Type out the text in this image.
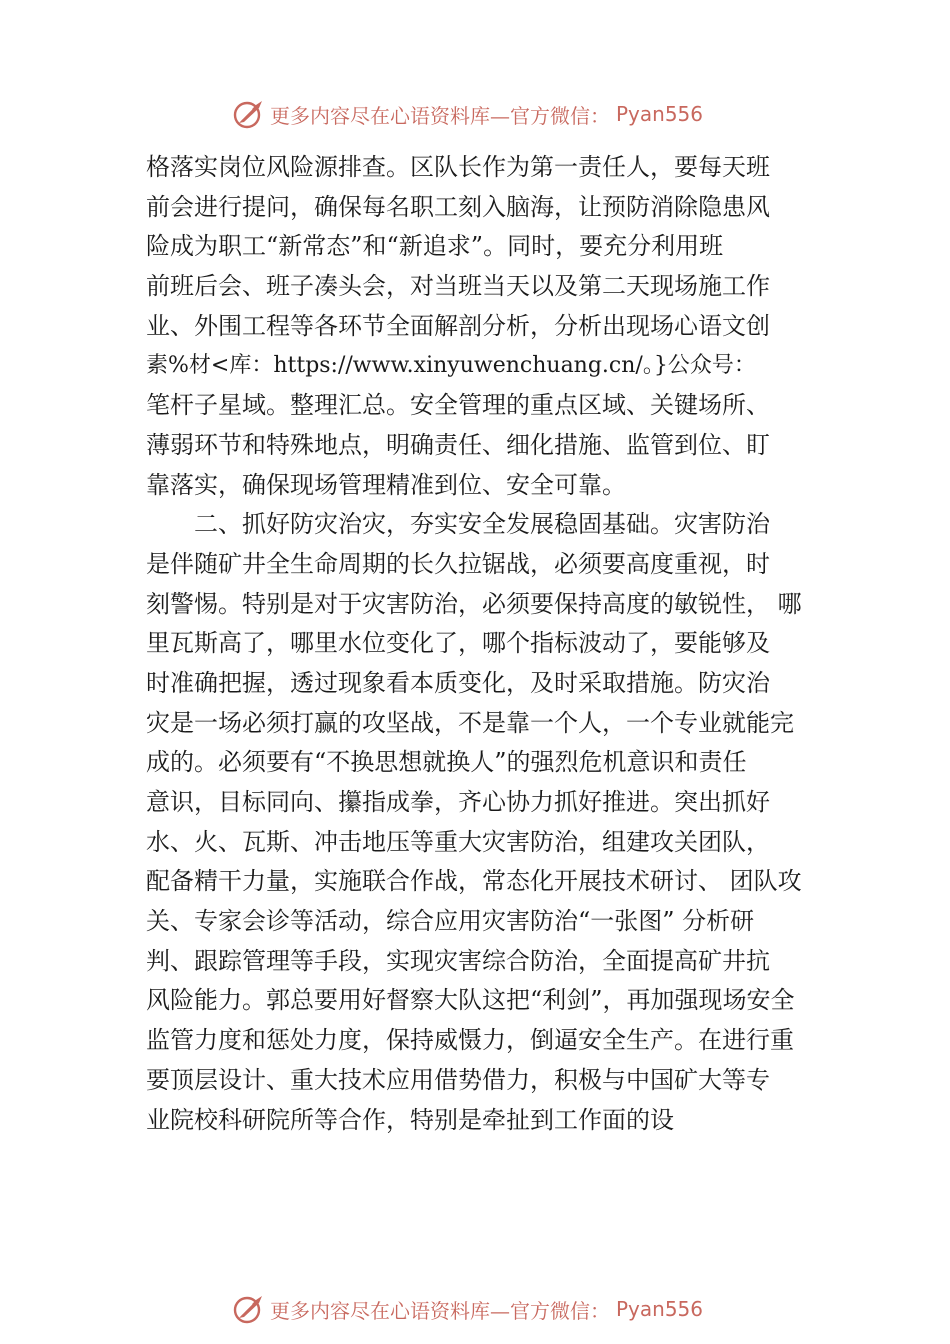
更多内容尽在心语资料库—官方微信： Pyan556
格落实岗位风险源排查。区队长作为第一责任人，要每天班
前会进行提问，确保每名职工刻入脑海，让预防消除隐患风
险成为职工“新常态”和“新追求”。同时，要充分利用班
前班后会、班子凑头会，对当班当天以及第二天现场施工作
业、外围工程等各环节全面解剖分析，分析出现场心语文创
素%材<库：https://www.xinyuwenchuang.cn/。}公众号：
笔杆子星域。整理汇总。安全管理的重点区域、关键场所、
薄弱环节和特殊地点，明确责任、细化措施、监管到位、盯
靠落实，确保现场管理精准到位、安全可靠。
二、抓好防灾治灾，夯实安全发展稳固基础。灾害防治
是伴随矿井全生命周期的长久拉锯战，必须要高度重视，时
刻警惕。特别是对于灾害防治，必须要保持高度的敏锐性， 哪
里瓦斯高了，哪里水位变化了，哪个指标波动了，要能够及
时准确把握，透过现象看本质变化，及时采取措施。防灾治
灾是一场必须打赢的攻坚战，不是靠一个人，一个专业就能完
成的。必须要有“不换思想就换人”的强烈危机意识和责任
意识，目标同向、攥指成拳，齐心协力抓好推进。突出抓好
水、火、瓦斯、冲击地压等重大灾害防治，组建攻关团队，
配备精干力量，实施联合作战，常态化开展技术研讨、 团队攻
关、专家会诊等活动，综合应用灾害防治“一张图” 分析研
判、跟踪管理等手段，实现灾害综合防治，全面提高矿井抗
风险能力。郭总要用好督察大队这把“利剑”，再加强现场安全
监管力度和惩处力度，保持威慑力，倒逼安全生产。在进行重
要顶层设计、重大技术应用借势借力，积极与中国矿大等专
业院校科研院所等合作，特别是牵扯到工作面的设
更多内容尽在心语资料库—官方微信： Pyan556
